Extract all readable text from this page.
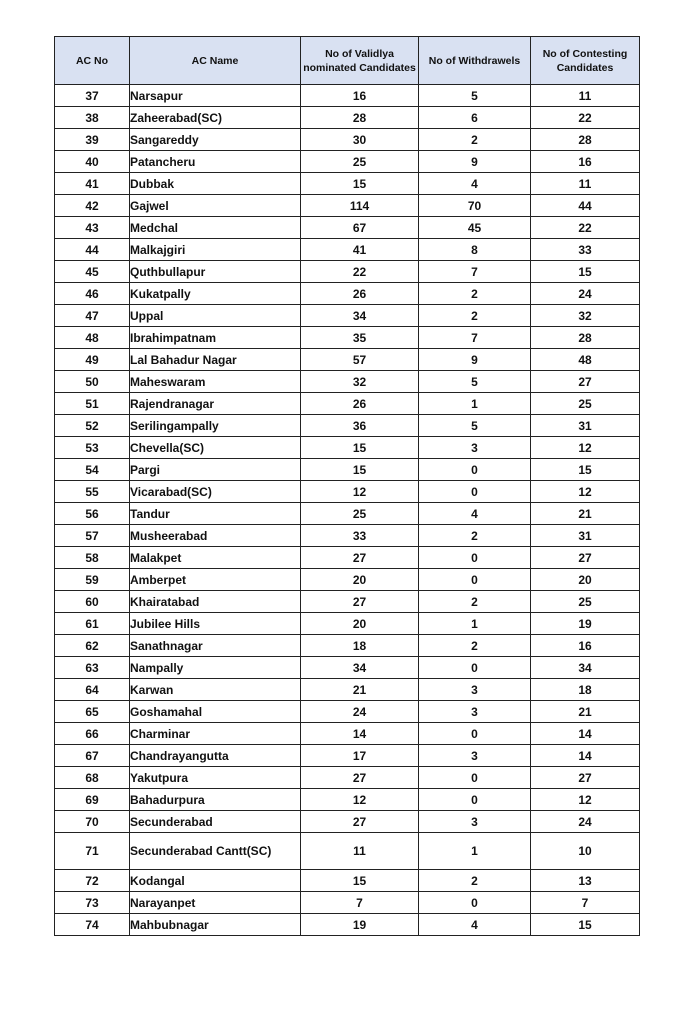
AC No	AC Name	No of Validlya nominated Candidates	No of Withdrawels	No of Contesting Candidates
37	Narsapur	16	5	11
38	Zaheerabad(SC)	28	6	22
39	Sangareddy	30	2	28
40	Patancheru	25	9	16
41	Dubbak	15	4	11
42	Gajwel	114	70	44
43	Medchal	67	45	22
44	Malkajgiri	41	8	33
45	Quthbullapur	22	7	15
46	Kukatpally	26	2	24
47	Uppal	34	2	32
48	Ibrahimpatnam	35	7	28
49	Lal Bahadur Nagar	57	9	48
50	Maheswaram	32	5	27
51	Rajendranagar	26	1	25
52	Serilingampally	36	5	31
53	Chevella(SC)	15	3	12
54	Pargi	15	0	15
55	Vicarabad(SC)	12	0	12
56	Tandur	25	4	21
57	Musheerabad	33	2	31
58	Malakpet	27	0	27
59	Amberpet	20	0	20
60	Khairatabad	27	2	25
61	Jubilee Hills	20	1	19
62	Sanathnagar	18	2	16
63	Nampally	34	0	34
64	Karwan	21	3	18
65	Goshamahal	24	3	21
66	Charminar	14	0	14
67	Chandrayangutta	17	3	14
68	Yakutpura	27	0	27
69	Bahadurpura	12	0	12
70	Secunderabad	27	3	24
71	Secunderabad Cantt(SC)	11	1	10
72	Kodangal	15	2	13
73	Narayanpet	7	0	7
74	Mahbubnagar	19	4	15
